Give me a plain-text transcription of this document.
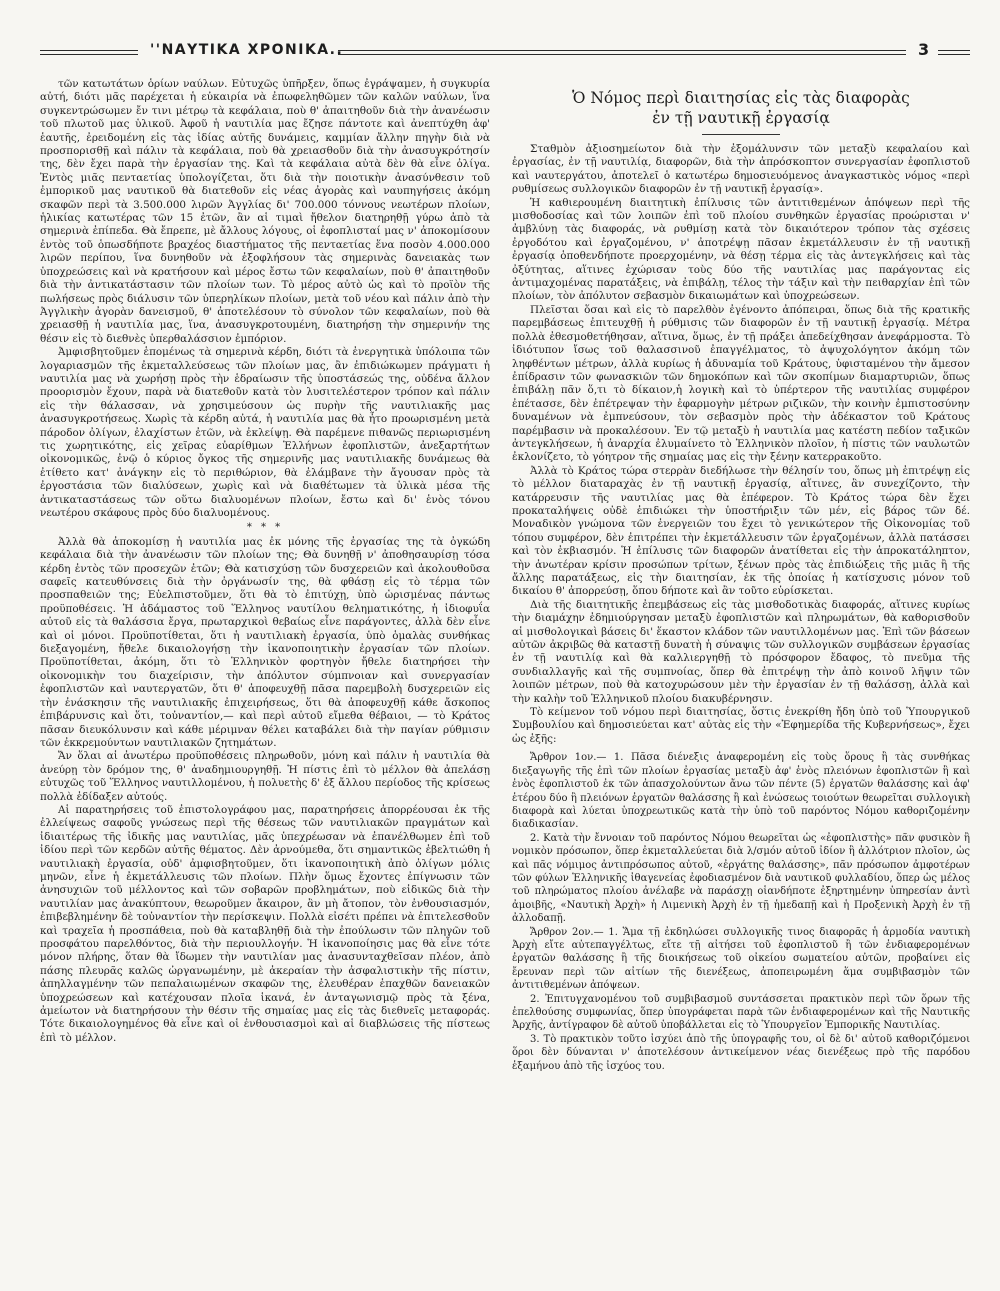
''ΝΑΥΤΙΚΑ ΧΡΟΝΙΚΑ..	3

τῶν κατωτάτων ὁρίων ναύλων. Εὐτυχῶς ὑπῆρξεν, ὅπως ἐγράψαμεν, ἡ συγκυρία αὐτή, διότι μᾶς παρέχεται ἡ εὐκαιρία νὰ ἐπωφεληθῶμεν τῶν καλῶν ναύλων, ἵνα συγκεντρώσωμεν ἔν τινι μέτρῳ τὰ κεφάλαια, ποὺ θ' ἀπαιτηθοῦν διὰ τὴν ἀνανέωσιν τοῦ πλωτοῦ μας ὑλικοῦ. Ἀφοῦ ἡ ναυτιλία μας ἔζησε πάντοτε καὶ ἀνεπτύχθη ἀφ' ἑαυτῆς, ἐρειδομένη εἰς τὰς ἰδίας αὐτῆς δυνάμεις, καμμίαν ἄλλην πηγὴν διὰ νὰ προσπορισθῇ καὶ πάλιν τὰ κεφάλαια, ποὺ θὰ χρειασθοῦν διὰ τὴν ἀνασυγκρότησίν της, δὲν ἔχει παρὰ τὴν ἐργασίαν της. Καὶ τὰ κεφάλαια αὐτὰ δὲν θὰ εἶνε ὀλίγα. Ἐντὸς μιᾶς πενταετίας ὑπολογίζεται, ὅτι διὰ τὴν ποιοτικὴν ἀνασύνθεσιν τοῦ ἐμπορικοῦ μας ναυτικοῦ θὰ διατεθοῦν εἰς νέας ἀγορὰς καὶ ναυπηγήσεις ἀκόμη σκαφῶν περὶ τὰ 3.500.000 λιρῶν Ἀγγλίας δι' 700.000 τόννους νεωτέρων πλοίων, ἡλικίας κατωτέρας τῶν 15 ἐτῶν, ἂν αἱ τιμαὶ ἤθελον διατηρηθῇ γύρω ἀπὸ τὰ σημερινὰ ἐπίπεδα. Θὰ ἔπρεπε, μὲ ἄλλους λόγους, οἱ ἐφοπλισταί μας ν' ἀποκομίσουν ἐντὸς τοῦ ὁπωσδήποτε βραχέος διαστήματος τῆς πενταετίας ἕνα ποσὸν 4.000.000 λιρῶν περίπου, ἵνα δυνηθοῦν νὰ ἐξοφλήσουν τὰς σημερινὰς δανειακὰς των ὑποχρεώσεις καὶ νὰ κρατήσουν καὶ μέρος ἔστω τῶν κεφαλαίων, ποὺ θ' ἀπαιτηθοῦν διὰ τὴν ἀντικατάστασιν τῶν πλοίων των. Τὸ μέρος αὐτὸ ὡς καὶ τὸ προϊὸν τῆς πωλήσεως πρὸς διάλυσιν τῶν ὑπερηλίκων πλοίων, μετὰ τοῦ νέου καὶ πάλιν ἀπὸ τὴν Ἀγγλικὴν ἀγορὰν δανεισμοῦ, θ' ἀποτελέσουν τὸ σύνολον τῶν κεφαλαίων, ποὺ θὰ χρειασθῇ ἡ ναυτιλία μας, ἵνα, ἀνασυγκροτουμένη, διατηρήσῃ τὴν σημερινήν της θέσιν εἰς τὸ διεθνὲς ὑπερθαλάσσιον ἐμπόριον.

Ἀμφισβητοῦμεν ἑπομένως τὰ σημερινὰ κέρδη, διότι τὰ ἐνεργητικὰ ὑπόλοιπα τῶν λογαριασμῶν τῆς ἐκμεταλλεύσεως τῶν πλοίων μας, ἂν ἐπιδιώκωμεν πράγματι ἡ ναυτιλία μας νὰ χωρήσῃ πρὸς τὴν ἑδραίωσιν τῆς ὑποστάσεώς της, οὐδένα ἄλλον προορισμὸν ἔχουν, παρὰ νὰ διατεθοῦν κατὰ τὸν λυσιτελέστερον τρόπον καὶ πάλιν εἰς τὴν θάλασσαν, νὰ χρησιμεύσουν ὡς πυρὴν τῆς ναυτιλιακῆς μας ἀνασυγκροτήσεως. Χωρὶς τὰ κέρδη αὐτά, ἡ ναυτιλία μας θὰ ἦτο προωρισμένη μετὰ πάροδον ὀλίγων, ἐλαχίστων ἐτῶν, νὰ ἐκλείψῃ. Θὰ παρέμενε πιθανῶς περιωρισμένη τις χωρητικότης, εἰς χεῖρας εὐαρίθμων Ἑλλήνων ἐφοπλιστῶν, ἀνεξαρτήτων οἰκονομικῶς, ἐνῷ ὁ κύριος ὄγκος τῆς σημερινῆς μας ναυτιλιακῆς δυνάμεως θὰ ἐτίθετο κατ' ἀνάγκην εἰς τὸ περιθώριον, θὰ ἐλάμβανε τὴν ἄγουσαν πρὸς τὰ ἐργοστάσια τῶν διαλύσεων, χωρὶς καὶ νὰ διαθέτωμεν τὰ ὑλικὰ μέσα τῆς ἀντικαταστάσεως τῶν οὕτω διαλυομένων πλοίων, ἔστω καὶ δι' ἑνὸς τόνου νεωτέρου σκάφους πρὸς δύο διαλυομένους.

* * *

Ἀλλὰ θὰ ἀποκομίσῃ ἡ ναυτιλία μας ἐκ μόνης τῆς ἐργασίας της τὰ ὀγκώδη κεφάλαια διὰ τὴν ἀνανέωσιν τῶν πλοίων της; Θὰ δυνηθῇ ν' ἀποθησαυρίσῃ τόσα κέρδη ἐντὸς τῶν προσεχῶν ἐτῶν; Θὰ κατισχύσῃ τῶν δυσχερειῶν καὶ ἀκολουθοῦσα σαφεῖς κατευθύνσεις διὰ τὴν ὀργάνωσίν της, θὰ φθάσῃ εἰς τὸ τέρμα τῶν προσπαθειῶν της; Εὐελπιστοῦμεν, ὅτι θὰ τὸ ἐπιτύχῃ, ὑπὸ ὡρισμένας πάντως προϋποθέσεις. Ἡ ἀδάμαστος τοῦ Ἕλληνος ναυτίλου θεληματικότης, ἡ ἰδιοφυΐα αὐτοῦ εἰς τὰ θαλάσσια ἔργα, πρωταρχικοὶ θεβαίως εἶνε παράγοντες, ἀλλὰ δὲν εἶνε καὶ οἱ μόνοι. Προϋποτίθεται, ὅτι ἡ ναυτιλιακὴ ἐργασία, ὑπὸ ὁμαλὰς συνθήκας διεξαγομένη, ἤθελε δικαιολογήσῃ τὴν ἱκανοποιητικὴν ἐργασίαν τῶν πλοίων. Προϋποτίθεται, ἀκόμη, ὅτι τὸ Ἑλληνικὸν φορτηγὸν ἤθελε διατηρήσει τὴν οἰκονομικὴν του διαχείρισιν, τὴν ἀπόλυτον σύμπνοιαν καὶ συνεργασίαν ἐφοπλιστῶν καὶ ναυτεργατῶν, ὅτι θ' ἀποφευχθῇ πᾶσα παρεμβολὴ δυσχερειῶν εἰς τὴν ἐνάσκησιν τῆς ναυτιλιακῆς ἐπιχειρήσεως, ὅτι θὰ ἀποφευχθῇ κάθε ἄσκοπος ἐπιβάρυνσις καὶ ὅτι, τοὐναντίον,— καὶ περὶ αὐτοῦ εἴμεθα θέβαιοι, — τὸ Κράτος πᾶσαν διευκόλυνσιν καὶ κάθε μέριμναν θέλει καταβάλει διὰ τὴν παγίαν ρύθμισιν τῶν ἐκκρεμούντων ναυτιλιακῶν ζητημάτων.

Ἄν ὅλαι αἱ ἀνωτέρω προϋποθέσεις πληρωθοῦν, μόνη καὶ πάλιν ἡ ναυτιλία θὰ ἀνεύρῃ τὸν δρόμον της, θ' ἀναδημιουργηθῇ. Ἡ πίστις ἐπὶ τὸ μέλλον θὰ ἀπελάσῃ εὐτυχῶς τοῦ Ἕλληνος ναυτιλλομένου, ἡ πολυετὴς δ' ἐξ ἄλλου περίοδος τῆς κρίσεως πολλὰ ἐδίδαξεν αὐτούς.

Αἱ παρατηρήσεις τοῦ ἐπιστολογράφου μας, παρατηρήσεις ἀπορρέουσαι ἐκ τῆς ἐλλείψεως σαφοῦς γνώσεως περὶ τῆς θέσεως τῶν ναυτιλιακῶν πραγμάτων καὶ ἰδιαιτέρως τῆς ἰδικῆς μας ναυτιλίας, μᾶς ὑπεχρέωσαν νὰ ἐπανέλθωμεν ἐπὶ τοῦ ἰδίου περὶ τῶν κερδῶν αὐτῆς θέματος. Δὲν ἀρνούμεθα, ὅτι σημαντικῶς ἐβελτιώθη ἡ ναυτιλιακὴ ἐργασία, οὐδ' ἀμφισβητοῦμεν, ὅτι ἱκανοποιητικὴ ἀπὸ ὀλίγων μόλις μηνῶν, εἶνε ἡ ἐκμετάλλευσις τῶν πλοίων. Πλὴν ὅμως ἔχοντες ἐπίγνωσιν τῶν ἀνησυχιῶν τοῦ μέλλοντος καὶ τῶν σοβαρῶν προβλημάτων, ποὺ εἰδικῶς διὰ τὴν ναυτιλίαν μας ἀνακύπτουν, θεωροῦμεν ἄκαιρον, ἂν μὴ ἄτοπον, τὸν ἐνθουσιασμόν, ἐπιβεβλημένην δὲ τοὐναντίον τὴν περίσκεψιν. Πολλὰ εἰσέτι πρέπει νὰ ἐπιτελεσθοῦν καὶ τραχεῖα ἡ προσπάθεια, ποὺ θὰ καταβληθῇ διὰ τὴν ἐπούλωσιν τῶν πληγῶν τοῦ προσφάτου παρελθόντος, διὰ τὴν περιουλλογήν. Ἡ ἱκανοποίησις μας θὰ εἶνε τότε μόνον πλήρης, ὅταν θὰ ἴδωμεν τὴν ναυτιλίαν μας ἀνασυνταχθεῖσαν πλέον, ἀπὸ πάσης πλευρᾶς καλῶς ὠργανωμένην, μὲ ἀκεραίαν τὴν ἀσφαλιστικὴν τῆς πίστιν, ἀπηλλαγμένην τῶν πεπαλαιωμένων σκαφῶν της, ἐλευθέραν ἐπαχθῶν δανειακῶν ὑποχρεώσεων καὶ κατέχουσαν πλοῖα ἱκανά, ἐν ἀνταγωνισμῷ πρὸς τὰ ξένα, ἀμείωτον νὰ διατηρήσουν τὴν θέσιν τῆς σημαίας μας εἰς τὰς διεθνεῖς μεταφοράς. Τότε δικαιολογημένος θὰ εἶνε καὶ οἱ ἐνθουσιασμοὶ καὶ αἱ διαβλώσεις τῆς πίστεως ἐπὶ τὸ μέλλον.

Ὁ Νόμος περὶ διαιτησίας εἰς τὰς διαφορὰς
ἐν τῇ ναυτικῇ ἐργασίᾳ

Σταθμὸν ἀξιοσημείωτον διὰ τὴν ἐξομάλυνσιν τῶν μεταξὺ κεφαλαίου καὶ ἐργασίας, ἐν τῇ ναυτιλίᾳ, διαφορῶν, διὰ τὴν ἀπρόσκοπτον συνεργασίαν ἐφοπλιστοῦ καὶ ναυτεργάτου, ἀποτελεῖ ὁ κατωτέρω δημοσιευόμενος ἀναγκαστικὸς νόμος «περὶ ρυθμίσεως συλλογικῶν διαφορῶν ἐν τῇ ναυτικῇ ἐργασίᾳ».

Ἡ καθιερουμένη διαιτητικὴ ἐπίλυσις τῶν ἀντιτιθεμένων ἀπόψεων περὶ τῆς μισθοδοσίας καὶ τῶν λοιπῶν ἐπὶ τοῦ πλοίου συνθηκῶν ἐργασίας προώρισται ν' ἀμβλύνῃ τὰς διαφοράς, νὰ ρυθμίσῃ κατὰ τὸν δικαιότερον τρόπον τὰς σχέσεις ἐργοδότου καὶ ἐργαζομένου, ν' ἀποτρέψῃ πᾶσαν ἐκμετάλλευσιν ἐν τῇ ναυτικῇ ἐργασίᾳ ὁποθενδήποτε προερχομένην, νὰ θέσῃ τέρμα εἰς τὰς ἀντεγκλήσεις καὶ τὰς ὀξύτητας, αἵτινες ἐχώρισαν τοὺς δύο τῆς ναυτιλίας μας παράγοντας εἰς ἀντιμαχομένας παρατάξεις, νὰ ἐπιβάλῃ, τέλος τὴν τάξιν καὶ τὴν πειθαρχίαν ἐπὶ τῶν πλοίων, τὸν ἀπόλυτον σεβασμὸν δικαιωμάτων καὶ ὑποχρεώσεων.

Πλεῖσται ὅσαι καὶ εἰς τὸ παρελθὸν ἐγένοντο ἀπόπειραι, ὅπως διὰ τῆς κρατικῆς παρεμβάσεως ἐπιτευχθῇ ἡ ρύθμισις τῶν διαφορῶν ἐν τῇ ναυτικῇ ἐργασίᾳ. Μέτρα πολλὰ ἐθεσμοθετήθησαν, αἵτινα, ὅμως, ἐν τῇ πράξει ἀπεδείχθησαν ἀνεφάρμοστα. Τὸ ἰδιότυπον ἴσως τοῦ θαλασσινοῦ ἐπαγγέλματος, τὸ ἀψυχολόγητον ἀκόμη τῶν ληφθέντων μέτρων, ἀλλὰ κυρίως ἡ ἀδυναμία τοῦ Κράτους, ὑφισταμένου τὴν ἄμεσον ἐπίδρασιν τῶν φωνασκιῶν τῶν δημοκόπων καὶ τῶν σκοπίμων διαμαρτυριῶν, ὅπως ἐπιβάλῃ πᾶν ὅ,τι τὸ δίκαιον,ἡ λογικὴ καὶ τὸ ὑπέρτερον τῆς ναυτιλίας συμφέρον ἐπέτασσε, δὲν ἐπέτρεψαν τὴν ἐφαρμογὴν μέτρων ριζικῶν, τὴν κοινὴν ἐμπιστοσύνην δυναμένων νὰ ἐμπνεύσουν, τὸν σεβασμὸν πρὸς τὴν ἀδέκαστον τοῦ Κράτους παρέμβασιν νὰ προκαλέσουν. Ἐν τῷ μεταξὺ ἡ ναυτιλία μας κατέστη πεδίον ταξικῶν ἀντεγκλήσεων, ἡ ἀναρχία ἐλυμαίνετο τὸ Ἑλληνικὸν πλοῖον, ἡ πίστις τῶν ναυλωτῶν ἐκλονίζετο, τὸ γόητρον τῆς σημαίας μας εἰς τὴν ξένην κατερρακοῦτο.

Ἀλλὰ τὸ Κράτος τώρα στερρὰν διεδήλωσε τὴν θέλησίν του, ὅπως μὴ ἐπιτρέψῃ εἰς τὸ μέλλον διαταραχὰς ἐν τῇ ναυτικῇ ἐργασίᾳ, αἵτινες, ἂν συνεχίζοντο, τὴν κατάρρευσιν τῆς ναυτιλίας μας θὰ ἐπέφερον. Τὸ Κράτος τώρα δὲν ἔχει προκαταλήψεις οὐδὲ ἐπιδιώκει τὴν ὑποστήριξιν τῶν μέν, εἰς βάρος τῶν δέ. Μοναδικὸν γνώμονα τῶν ἐνεργειῶν του ἔχει τὸ γενικώτερον τῆς Οἰκονομίας τοῦ τόπου συμφέρον, δὲν ἐπιτρέπει τὴν ἐκμετάλλευσιν τῶν ἐργαζομένων, ἀλλὰ πατάσσει καὶ τὸν ἐκβιασμόν. Ἡ ἐπίλυσις τῶν διαφορῶν ἀνατίθεται εἰς τὴν ἀπροκατάληπτον, τὴν ἀνωτέραν κρίσιν προσώπων τρίτων, ξένων πρὸς τὰς ἐπιδιώξεις τῆς μιᾶς ἢ τῆς ἄλλης παρατάξεως, εἰς τὴν διαιτησίαν, ἐκ τῆς ὁποίας ἡ κατίσχυσις μόνον τοῦ δικαίου θ' ἀπορρεύσῃ, ὅπου δήποτε καὶ ἂν τοῦτο εὑρίσκεται.

Διὰ τῆς διαιτητικῆς ἐπεμβάσεως εἰς τὰς μισθοδοτικὰς διαφοράς, αἵτινες κυρίως τὴν διαμάχην ἐδημιούργησαν μεταξὺ ἐφοπλιστῶν καὶ πληρωμάτων, θὰ καθορισθοῦν αἱ μισθολογικαὶ βάσεις δι' ἕκαστον κλάδον τῶν ναυτιλλομένων μας. Ἐπὶ τῶν βάσεων αὐτῶν ἀκριβῶς θὰ καταστῇ δυνατὴ ἡ σύναψις τῶν συλλογικῶν συμβάσεων ἐργασίας ἐν τῇ ναυτιλίᾳ καὶ θὰ καλλιεργηθῇ τὸ πρόσφορον ἔδαφος, τὸ πνεῦμα τῆς συνδιαλλαγῆς καὶ τῆς συμπνοίας, ὅπερ θὰ ἐπιτρέψῃ τὴν ἀπὸ κοινοῦ λῆψιν τῶν λοιπῶν μέτρων, ποὺ θὰ κατοχυρώσουν μὲν τὴν ἐργασίαν ἐν τῇ θαλάσσῃ, ἀλλὰ καὶ τὴν καλὴν τοῦ Ἑλληνικοῦ πλοίου διακυβέρνησιν.

Τὸ κείμενον τοῦ νόμου περὶ διαιτησίας, ὅστις ἐνεκρίθη ἤδη ὑπὸ τοῦ Ὑπουργικοῦ Συμβουλίου καὶ δημοσιεύεται κατ' αὐτὰς εἰς τὴν «Ἐφημερίδα τῆς Κυβερνήσεως», ἔχει ὡς ἑξῆς:

Ἄρθρον 1ον.— 1. Πᾶσα διένεξις ἀναφερομένη εἰς τοὺς ὅρους ἢ τὰς συνθήκας διεξαγωγῆς τῆς ἐπὶ τῶν πλοίων ἐργασίας μεταξὺ ἀφ' ἑνὸς πλειόνων ἐφοπλιστῶν ἢ καὶ ἑνὸς ἐφοπλιστοῦ ἐκ τῶν ἀπασχολούντων ἄνω τῶν πέντε (5) ἐργατῶν θαλάσσης καὶ ἀφ' ἑτέρου δύο ἢ πλειόνων ἐργατῶν θαλάσσης ἢ καὶ ἑνώσεως τοιούτων θεωρεῖται συλλογικὴ διαφορὰ καὶ λύεται ὑποχρεωτικῶς κατὰ τὴν ὑπὸ τοῦ παρόντος Νόμου καθοριζομένην διαδικασίαν.

2. Κατὰ τὴν ἔννοιαν τοῦ παρόντος Νόμου θεωρεῖται ὡς «ἐφοπλιστὴς» πᾶν φυσικὸν ἢ νομικὸν πρόσωπον, ὅπερ ἐκμεταλλεύεται διὰ λ/σμόν αὐτοῦ ἰδίον ἢ ἀλλότριον πλοῖον, ὡς καὶ πᾶς νόμιμος ἀντιπρόσωπος αὐτοῦ, «ἐργάτης θαλάσσης», πᾶν πρόσωπον ἀμφοτέρων τῶν φύλων Ἑλληνικῆς ἰθαγενείας ἐφοδιασμένον διὰ ναυτικοῦ φυλλαδίου, ὅπερ ὡς μέλος τοῦ πληρώματος πλοίου ἀνέλαβε νὰ παράσχῃ οἱανδήποτε ἐξηρτημένην ὑπηρεσίαν ἀντὶ ἀμοιβῆς, «Ναυτικὴ Ἀρχὴ» ἡ Λιμενικὴ Ἀρχὴ ἐν τῇ ἡμεδαπῇ καὶ ἡ Προξενικὴ Ἀρχὴ ἐν τῇ ἀλλοδαπῇ.

Ἄρθρον 2ον.— 1. Ἅμα τῇ ἐκδηλώσει συλλογικῆς τινος διαφορᾶς ἡ ἁρμοδία ναυτικὴ Ἀρχὴ εἴτε αὐτεπαγγέλτως, εἴτε τῇ αἰτήσει τοῦ ἐφοπλιστοῦ ἢ τῶν ἐνδιαφερομένων ἐργατῶν θαλάσσης ἢ τῆς διοικήσεως τοῦ οἰκείου σωματείου αὐτῶν, προβαίνει εἰς ἔρευναν περὶ τῶν αἰτίων τῆς διενέξεως, ἀποπειρωμένη ἅμα συμβιβασμὸν τῶν ἀντιτιθεμένων ἀπόψεων.

2. Ἐπιτυγχανομένου τοῦ συμβιβασμοῦ συντάσσεται πρακτικὸν περὶ τῶν ὅρων τῆς ἐπελθούσης συμφωνίας, ὅπερ ὑπογράφεται παρὰ τῶν ἐνδιαφερομένων καὶ τῆς Ναυτικῆς Ἀρχῆς, ἀντίγραφον δὲ αὐτοῦ ὑποβάλλεται εἰς τὸ Ὑπουργεῖον Ἐμπορικῆς Ναυτιλίας.

3. Τὸ πρακτικὸν τοῦτο ἰσχύει ἀπὸ τῆς ὑπογραφῆς του, οἱ δὲ δι' αὐτοῦ καθοριζόμενοι ὅροι δὲν δύνανται ν' ἀποτελέσουν ἀντικείμενον νέας διενέξεως πρὸ τῆς παρόδου ἑξαμήνου ἀπὸ τῆς ἰσχύος του.
